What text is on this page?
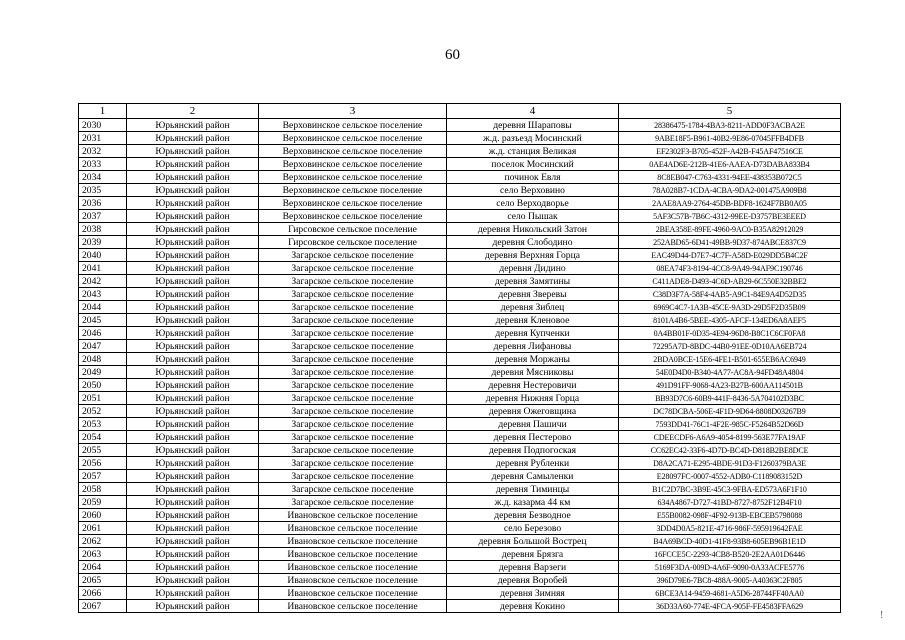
60
1	2	3	4	5
2030	Юрьянский район	Верховинское сельское поселение	деревня Шараповы	28386475-1784-4BA3-8211-ADD0F3ACBA2E
2031	Юрьянский район	Верховинское сельское поселение	ж.д. разъезд Мосинский	9ABE18F5-B961-40B2-9E86-07045FFB4DFB
2032	Юрьянский район	Верховинское сельское поселение	ж.д. станция Великая	EF2302F3-B705-452F-A42B-F45AF47516CE
2033	Юрьянский район	Верховинское сельское поселение	поселок Мосинский	0AE4AD6E-212B-41E6-AAEA-D73DABA833B4
2034	Юрьянский район	Верховинское сельское поселение	починок Евля	8C8EB047-C763-4331-94EE-438353B072C5
2035	Юрьянский район	Верховинское сельское поселение	село Верховино	78A028B7-1CDA-4CBA-9DA2-001475A909B8
2036	Юрьянский район	Верховинское сельское поселение	село Верходворье	2AAE8AA9-2764-45DB-BDF8-1624F7BB0A05
2037	Юрьянский район	Верховинское сельское поселение	село Пышак	5AF3C57B-7B6C-4312-99EE-D3757BE3EEED
2038	Юрьянский район	Гирсовское сельское поселение	деревня Никольский Затон	2BEA358E-89FE-4960-9AC0-B35A82912029
2039	Юрьянский район	Гирсовское сельское поселение	деревня Слободино	252ABD65-6D41-49BB-9D37-874ABCE837C9
2040	Юрьянский район	Загарское сельское поселение	деревня Верхняя Горца	EAC49D44-D7E7-4C7F-A58D-E029DD5B4C2F
2041	Юрьянский район	Загарское сельское поселение	деревня Дидино	08EA74F3-8194-4CC8-9A49-94AF9C190746
2042	Юрьянский район	Загарское сельское поселение	деревня Замятины	C411ADE8-D493-4C6D-AB29-6C550E32BBE2
2043	Юрьянский район	Загарское сельское поселение	деревня Зверевы	C38D3F7A-58F4-4AB5-A9C1-84E9A4D52D35
2044	Юрьянский район	Загарское сельское поселение	деревня Зиблец	6969C4C7-1A3B-45CE-9A3D-29D5F2D35B09
2045	Юрьянский район	Загарское сельское поселение	деревня Кленовое	8101A4B6-5BEE-4305-AFCF-134ED6A8AEF5
2046	Юрьянский район	Загарское сельское поселение	деревня Купченки	0A4BB01F-0D35-4E94-96D8-B8C1C6CF0FA8
2047	Юрьянский район	Загарское сельское поселение	деревня Лифановы	72295A7D-8BDC-44B0-91EE-0D10AA6EB724
2048	Юрьянский район	Загарское сельское поселение	деревня Моржаны	2BDA0BCE-15E6-4FE1-B501-655EB6AC6949
2049	Юрьянский район	Загарское сельское поселение	деревня Мясниковы	54E0D4D0-B340-4A77-AC8A-94FD48A4804
2050	Юрьянский район	Загарское сельское поселение	деревня Нестеровичи	491D91FF-9068-4A23-B27B-600AA114501B
2051	Юрьянский район	Загарское сельское поселение	деревня Нижняя Горца	BB93D7C6-60B9-441F-8436-5A704102D3BC
2052	Юрьянский район	Загарское сельское поселение	деревня Ожеговщина	DC78DCBA-506E-4F1D-9D64-8808D03267B9
2053	Юрьянский район	Загарское сельское поселение	деревня Пашичи	7593DD41-76C1-4F2E-985C-F5264B52D66D
2054	Юрьянский район	Загарское сельское поселение	деревня Пестерово	CDEECDF6-A6A9-4054-8199-563E77FA19AF
2055	Юрьянский район	Загарское сельское поселение	деревня Подпогоская	CC62EC42-33F6-4D7D-BC4D-D818B2BE8DCE
2056	Юрьянский район	Загарское сельское поселение	деревня Рубленки	D8A2CA71-E295-4BDE-91D3-F1260379BA3E
2057	Юрьянский район	Загарское сельское поселение	деревня Самыленки	E28097FC-0007-4552-ADB0-C1189083152D
2058	Юрьянский район	Загарское сельское поселение	деревня Тиминцы	B1C2D7BC-3B9E-45C3-9FBA-ED573A6F1F10
2059	Юрьянский район	Загарское сельское поселение	ж.д. казарма 44 км	634A4867-D727-41BD-8727-8752F12B4F10
2060	Юрьянский район	Ивановское сельское поселение	деревня Безводное	E55B0082-098F-4F92-913B-EBCEB5798088
2061	Юрьянский район	Ивановское сельское поселение	село Березово	3DD4D0A5-821E-4716-986F-595919642FAE
2062	Юрьянский район	Ивановское сельское поселение	деревня Большой Вострец	B4A69BCD-40D1-41F8-93B8-605EB96B1E1D
2063	Юрьянский район	Ивановское сельское поселение	деревня Брязга	16FCCE5C-2293-4CB8-B520-2E2AA01D6446
2064	Юрьянский район	Ивановское сельское поселение	деревня Варзеги	5169F3DA-009D-4A6F-9090-0A33ACFE5776
2065	Юрьянский район	Ивановское сельское поселение	деревня Воробей	396D79E6-7BC8-488A-9005-A40363C2F805
2066	Юрьянский район	Ивановское сельское поселение	деревня Зимняя	6BCE3A14-9459-4681-A5D6-28744FF40AA0
2067	Юрьянский район	Ивановское сельское поселение	деревня Кокино	36D33A60-774E-4FCA-905F-FE4583FFA629
!
